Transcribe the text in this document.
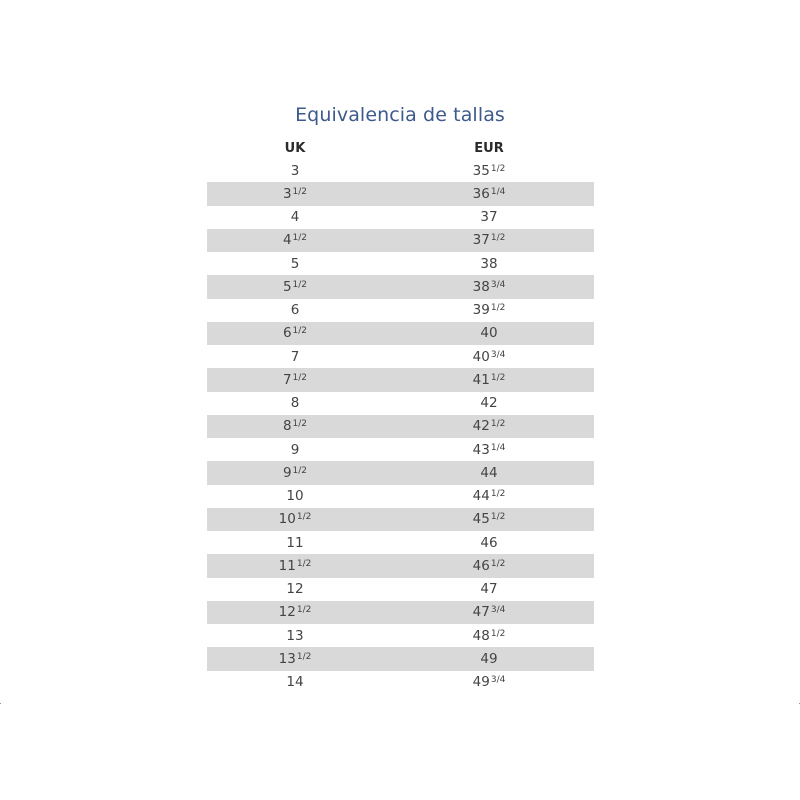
Equivalencia de tallas
UK	EUR
3	35 1/2
3 1/2	36 1/4
4	37
4 1/2	37 1/2
5	38
5 1/2	38 3/4
6	39 1/2
6 1/2	40
7	40 3/4
7 1/2	41 1/2
8	42
8 1/2	42 1/2
9	43 1/4
9 1/2	44
10	44 1/2
10 1/2	45 1/2
11	46
11 1/2	46 1/2
12	47
12 1/2	47 3/4
13	48 1/2
13 1/2	49
14	49 3/4
